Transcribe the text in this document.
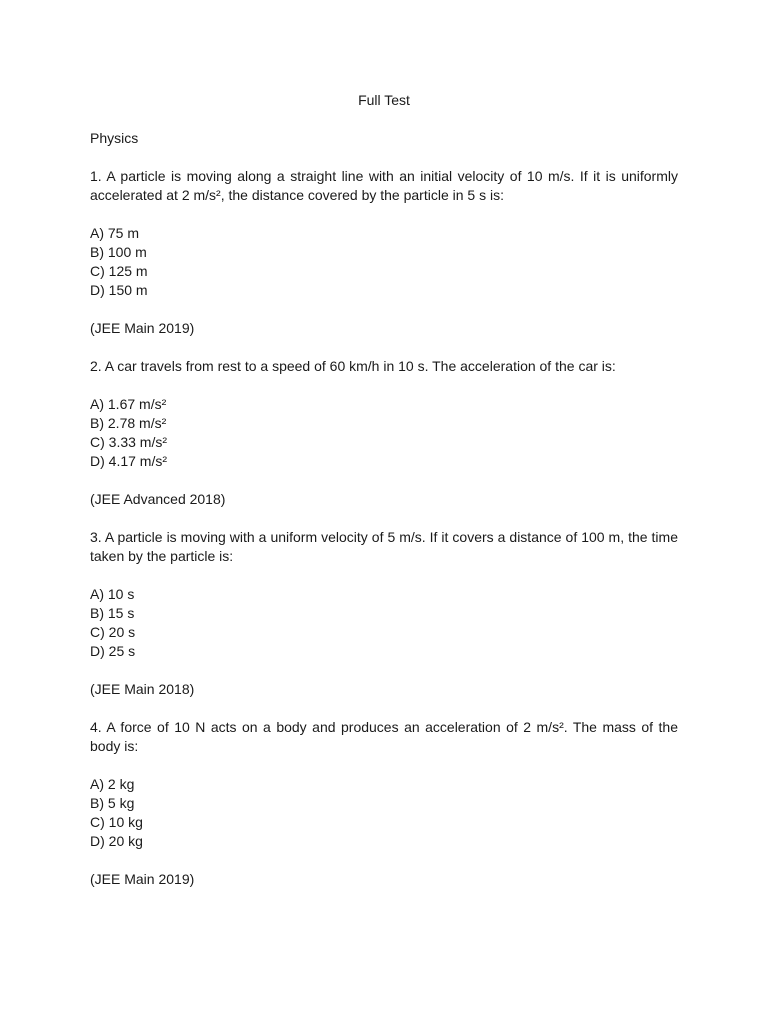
Full Test
Physics
1. A particle is moving along a straight line with an initial velocity of 10 m/s. If it is uniformly accelerated at 2 m/s², the distance covered by the particle in 5 s is:
A) 75 m
B) 100 m
C) 125 m
D) 150 m
(JEE Main 2019)
2. A car travels from rest to a speed of 60 km/h in 10 s. The acceleration of the car is:
A) 1.67 m/s²
B) 2.78 m/s²
C) 3.33 m/s²
D) 4.17 m/s²
(JEE Advanced 2018)
3. A particle is moving with a uniform velocity of 5 m/s. If it covers a distance of 100 m, the time taken by the particle is:
A) 10 s
B) 15 s
C) 20 s
D) 25 s
(JEE Main 2018)
4. A force of 10 N acts on a body and produces an acceleration of 2 m/s². The mass of the body is:
A) 2 kg
B) 5 kg
C) 10 kg
D) 20 kg
(JEE Main 2019)
